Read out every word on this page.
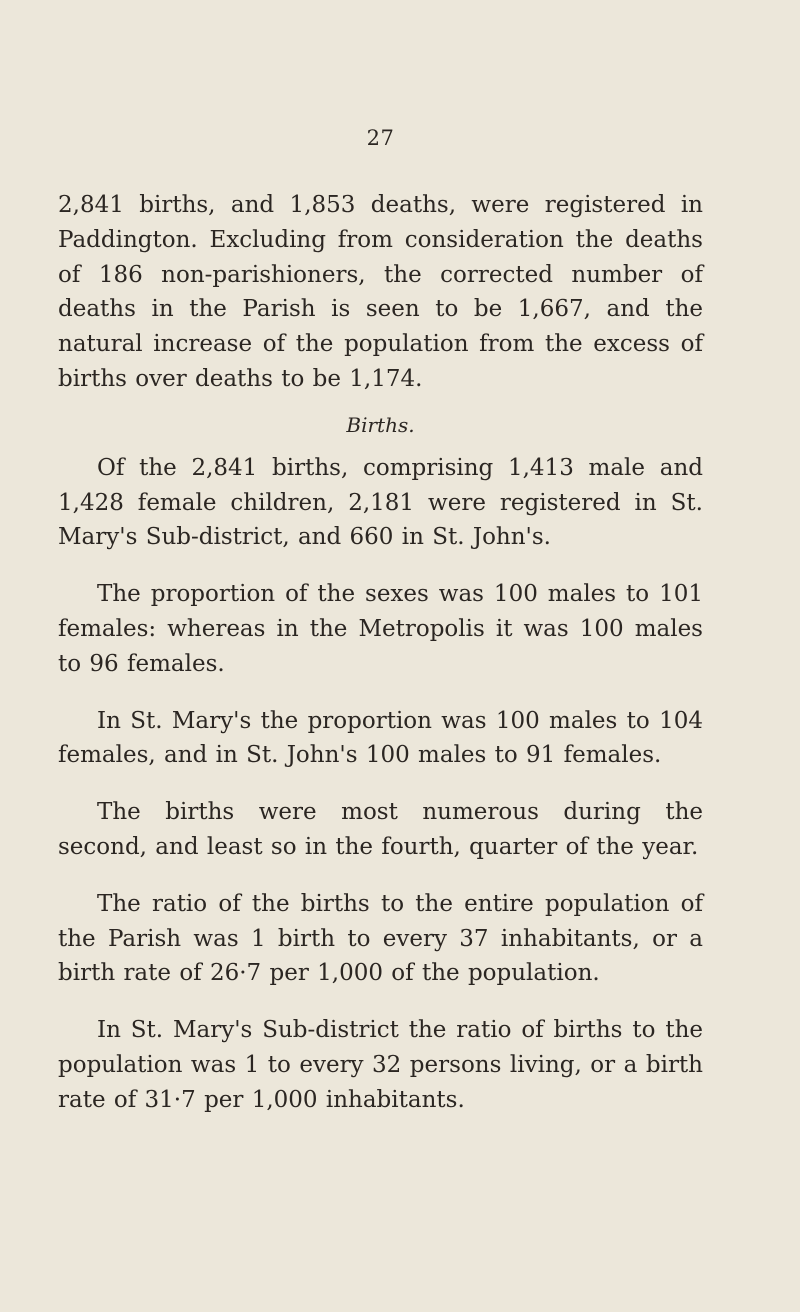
27

2,841 births, and 1,853 deaths, were registered in Paddington. Excluding from consideration the deaths of 186 non-parishioners, the corrected number of deaths in the Parish is seen to be 1,667, and the natural increase of the population from the excess of births over deaths to be 1,174.

Births.

Of the 2,841 births, comprising 1,413 male and 1,428 female children, 2,181 were registered in St. Mary's Sub-district, and 660 in St. John's.

The proportion of the sexes was 100 males to 101 females: whereas in the Metropolis it was 100 males to 96 females.

In St. Mary's the proportion was 100 males to 104 females, and in St. John's 100 males to 91 females.

The births were most numerous during the second, and least so in the fourth, quarter of the year.

The ratio of the births to the entire population of the Parish was 1 birth to every 37 inhabitants, or a birth rate of 26·7 per 1,000 of the population.

In St. Mary's Sub-district the ratio of births to the population was 1 to every 32 persons living, or a birth rate of 31·7 per 1,000 inhabitants.
